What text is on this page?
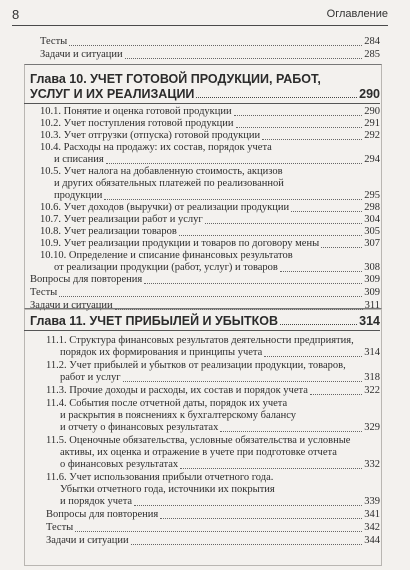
8	Оглавление
Тесты	284
Задачи и ситуации	285
Глава 10. УЧЕТ ГОТОВОЙ ПРОДУКЦИИ, РАБОТ,
УСЛУГ И ИХ РЕАЛИЗАЦИИ	290
10.1. Понятие и оценка готовой продукции	290
10.2. Учет поступления готовой продукции	291
10.3. Учет отгрузки (отпуска) готовой продукции	292
10.4. Расходы на продажу: их состав, порядок учета
и списания	294
10.5. Учет налога на добавленную стоимость, акцизов
и других обязательных платежей по реализованной
продукции	295
10.6. Учет доходов (выручки) от реализации продукции	298
10.7. Учет реализации работ и услуг	304
10.8. Учет реализации товаров	305
10.9. Учет реализации продукции и товаров по договору мены	307
10.10. Определение и списание финансовых результатов
от реализации продукции (работ, услуг) и товаров	308
Вопросы для повторения	309
Тесты	309
Задачи и ситуации	311
Глава 11. УЧЕТ ПРИБЫЛЕЙ И УБЫТКОВ	314
11.1. Структура финансовых результатов деятельности предприятия,
порядок их формирования и принципы учета	314
11.2. Учет прибылей и убытков от реализации продукции, товаров,
работ и услуг	318
11.3. Прочие доходы и расходы, их состав и порядок учета	322
11.4. События после отчетной даты, порядок их учета
и раскрытия в пояснениях к бухгалтерскому балансу
и отчету о финансовых результатах	329
11.5. Оценочные обязательства, условные обязательства и условные
активы, их оценка и отражение в учете при подготовке отчета
о финансовых результатах	332
11.6. Учет использования прибыли отчетного года.
Убытки отчетного года, источники их покрытия
и порядок учета	339
Вопросы для повторения	341
Тесты	342
Задачи и ситуации	344
